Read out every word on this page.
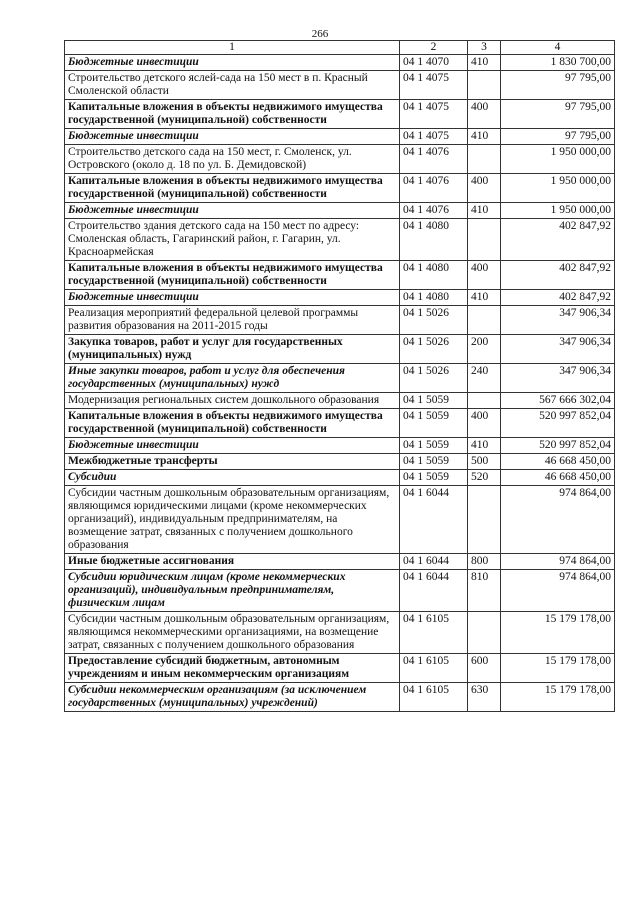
266
1	2	3	4
Бюджетные инвестиции	04 1 4070	410	1 830 700,00
Строительство детского яслей-сада на 150 мест в п. Красный Смоленской области	04 1 4075		97 795,00
Капитальные вложения в объекты недвижимого имущества государственной (муниципальной) собственности	04 1 4075	400	97 795,00
Бюджетные инвестиции	04 1 4075	410	97 795,00
Строительство детского сада на 150 мест, г. Смоленск, ул. Островского (около д. 18 по ул. Б. Демидовской)	04 1 4076		1 950 000,00
Капитальные вложения в объекты недвижимого имущества государственной (муниципальной) собственности	04 1 4076	400	1 950 000,00
Бюджетные инвестиции	04 1 4076	410	1 950 000,00
Строительство здания детского сада на 150 мест по адресу: Смоленская область, Гагаринский район, г. Гагарин, ул. Красноармейская	04 1 4080		402 847,92
Капитальные вложения в объекты недвижимого имущества государственной (муниципальной) собственности	04 1 4080	400	402 847,92
Бюджетные инвестиции	04 1 4080	410	402 847,92
Реализация мероприятий федеральной целевой программы развития образования на 2011-2015 годы	04 1 5026		347 906,34
Закупка товаров, работ и услуг для государственных (муниципальных) нужд	04 1 5026	200	347 906,34
Иные закупки товаров, работ и услуг для обеспечения государственных (муниципальных) нужд	04 1 5026	240	347 906,34
Модернизация региональных систем дошкольного образования	04 1 5059		567 666 302,04
Капитальные вложения в объекты недвижимого имущества государственной (муниципальной) собственности	04 1 5059	400	520 997 852,04
Бюджетные инвестиции	04 1 5059	410	520 997 852,04
Межбюджетные трансферты	04 1 5059	500	46 668 450,00
Субсидии	04 1 5059	520	46 668 450,00
Субсидии частным дошкольным образовательным организациям, являющимся юридическими лицами (кроме некоммерческих организаций), индивидуальным предпринимателям, на возмещение затрат, связанных с получением дошкольного образования	04 1 6044		974 864,00
Иные бюджетные ассигнования	04 1 6044	800	974 864,00
Субсидии юридическим лицам (кроме некоммерческих организаций), индивидуальным предпринимателям, физическим лицам	04 1 6044	810	974 864,00
Субсидии частным дошкольным образовательным организациям, являющимся некоммерческими организациями, на возмещение затрат, связанных с получением дошкольного образования	04 1 6105		15 179 178,00
Предоставление субсидий бюджетным, автономным учреждениям и иным некоммерческим организациям	04 1 6105	600	15 179 178,00
Субсидии некоммерческим организациям (за исключением государственных (муниципальных) учреждений)	04 1 6105	630	15 179 178,00
